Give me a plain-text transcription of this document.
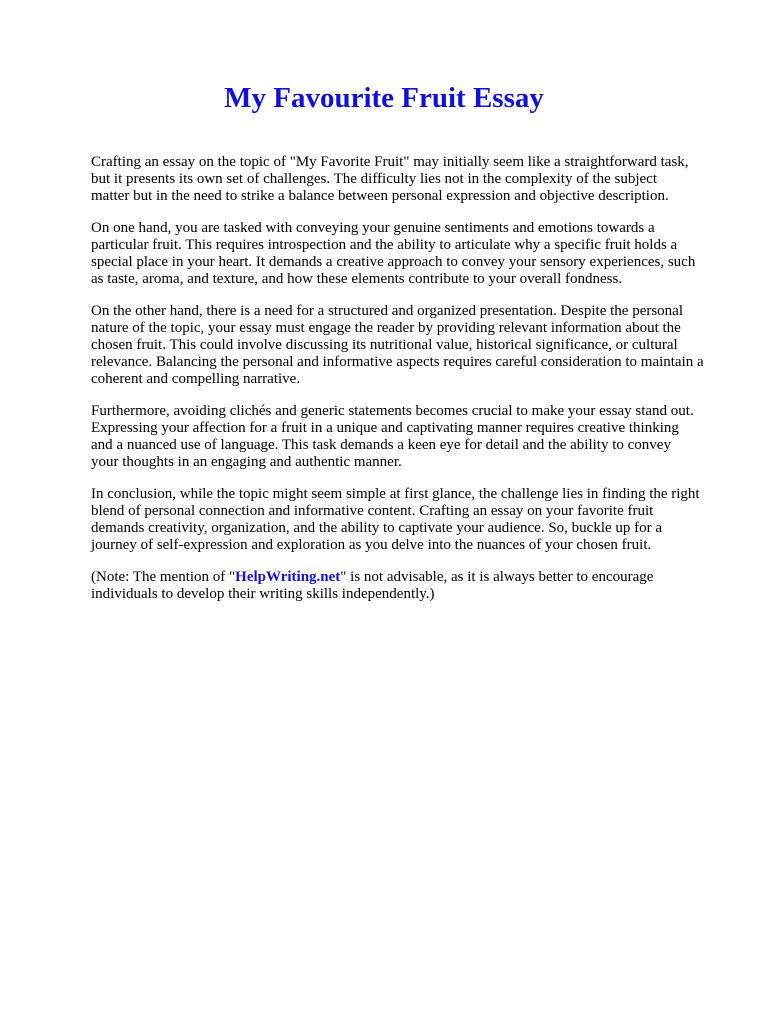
My Favourite Fruit Essay

Crafting an essay on the topic of "My Favorite Fruit" may initially seem like a straightforward task,
but it presents its own set of challenges. The difficulty lies not in the complexity of the subject
matter but in the need to strike a balance between personal expression and objective description.

On one hand, you are tasked with conveying your genuine sentiments and emotions towards a
particular fruit. This requires introspection and the ability to articulate why a specific fruit holds a
special place in your heart. It demands a creative approach to convey your sensory experiences, such
as taste, aroma, and texture, and how these elements contribute to your overall fondness.

On the other hand, there is a need for a structured and organized presentation. Despite the personal
nature of the topic, your essay must engage the reader by providing relevant information about the
chosen fruit. This could involve discussing its nutritional value, historical significance, or cultural
relevance. Balancing the personal and informative aspects requires careful consideration to maintain a
coherent and compelling narrative.

Furthermore, avoiding clichés and generic statements becomes crucial to make your essay stand out.
Expressing your affection for a fruit in a unique and captivating manner requires creative thinking
and a nuanced use of language. This task demands a keen eye for detail and the ability to convey
your thoughts in an engaging and authentic manner.

In conclusion, while the topic might seem simple at first glance, the challenge lies in finding the right
blend of personal connection and informative content. Crafting an essay on your favorite fruit
demands creativity, organization, and the ability to captivate your audience. So, buckle up for a
journey of self-expression and exploration as you delve into the nuances of your chosen fruit.

(Note: The mention of "HelpWriting.net" is not advisable, as it is always better to encourage
individuals to develop their writing skills independently.)
